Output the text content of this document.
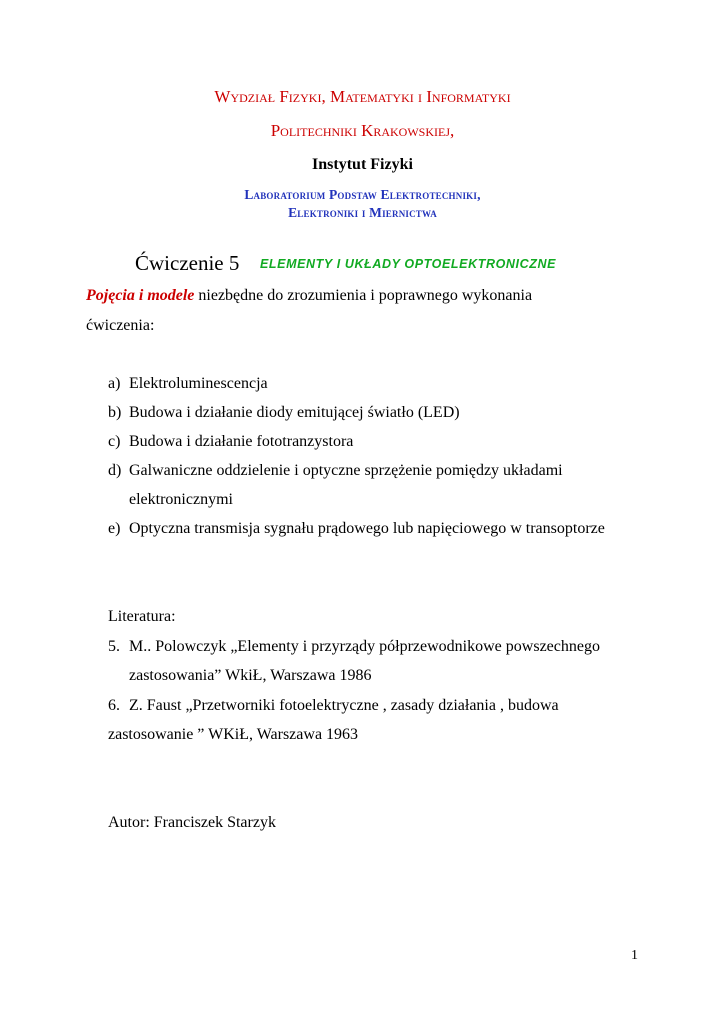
Wydział Fizyki, Matematyki i Informatyki
Politechniki Krakowskiej,
Instytut Fizyki
Laboratorium Podstaw Elektrotechniki,
Elektroniki i Miernictwa
Ćwiczenie 5 ELEMENTY I UKŁADY OPTOELEKTRONICZNE
Pojęcia i modele niezbędne do zrozumienia i poprawnego wykonania
ćwiczenia:
a) Elektroluminescencja
b) Budowa i działanie diody emitującej światło (LED)
c) Budowa i działanie fototranzystora
d) Galwaniczne oddzielenie i optyczne sprzężenie pomiędzy układami
elektronicznymi
e) Optyczna transmisja sygnału prądowego lub napięciowego w transoptorze
Literatura:
5. M.. Polowczyk „Elementy i przyrządy półprzewodnikowe powszechnego
zastosowania” WkiŁ, Warszawa 1986
6. Z. Faust „Przetworniki fotoelektryczne , zasady działania , budowa
zastosowanie ” WKiŁ, Warszawa 1963
Autor: Franciszek Starzyk
1
